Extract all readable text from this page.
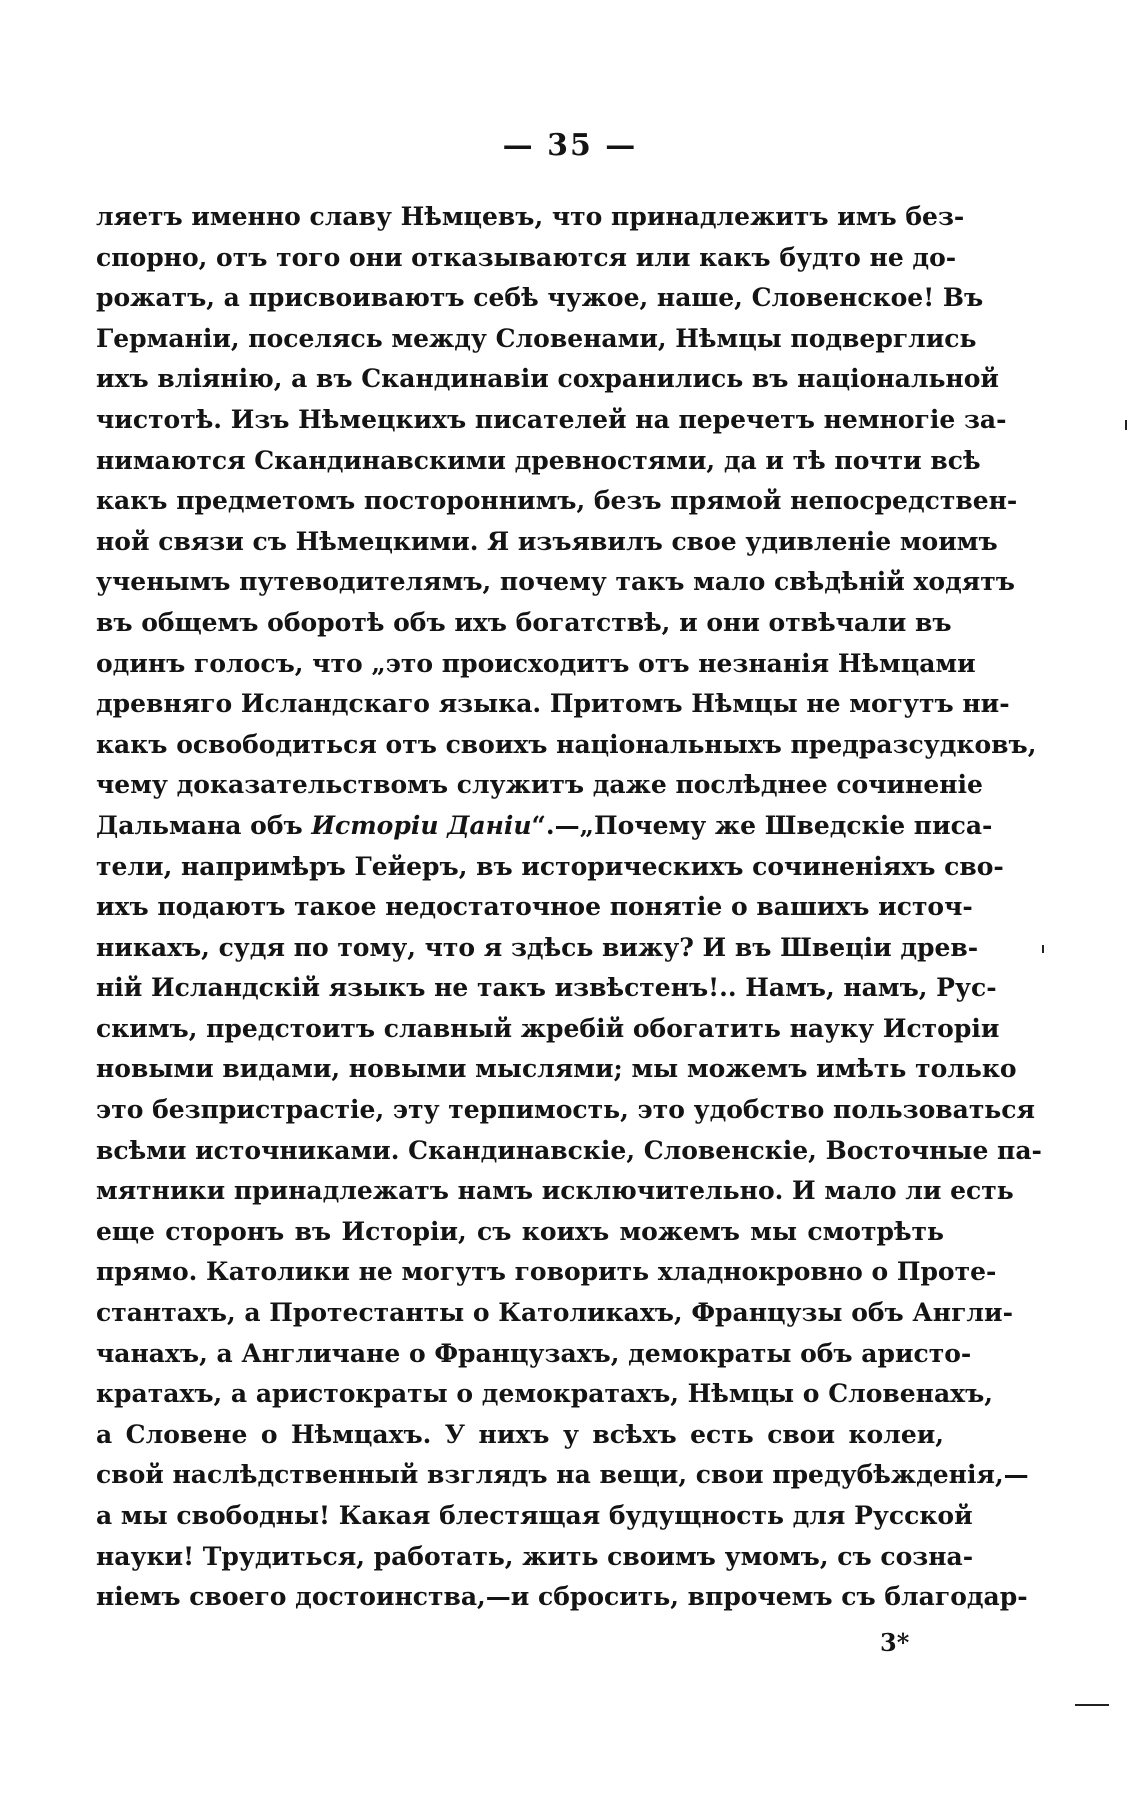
— 35 —
ляетъ именно славу Нѣмцевъ, что принадлежитъ имъ без-
спорно, отъ того они отказываются или какъ будто не до-
рожатъ, а присвоиваютъ себѣ чужое, наше, Словенское! Въ
Германіи, поселясь между Словенами, Нѣмцы подверглись
ихъ вліянію, а въ Скандинавіи сохранились въ національной
чистотѣ. Изъ Нѣмецкихъ писателей на перечетъ немногіе за-
нимаются Скандинавскими древностями, да и тѣ почти всѣ
какъ предметомъ постороннимъ, безъ прямой непосредствен-
ной связи съ Нѣмецкими. Я изъявилъ свое удивленіе моимъ
ученымъ путеводителямъ, почему такъ мало свѣдѣній ходятъ
въ общемъ оборотѣ объ ихъ богатствѣ, и они отвѣчали въ
одинъ голосъ, что „это происходитъ отъ незнанія Нѣмцами
древняго Исландскаго языка. Притомъ Нѣмцы не могутъ ни-
какъ освободиться отъ своихъ національныхъ предразсудковъ,
чему доказательствомъ служитъ даже послѣднее сочиненіе
Дальмана объ Исторіи Даніи“.—„Почему же Шведскіе писа-
тели, напримѣръ Гейеръ, въ историческихъ сочиненіяхъ сво-
ихъ подаютъ такое недостаточное понятіе о вашихъ источ-
никахъ, судя по тому, что я здѣсь вижу? И въ Швеціи древ-
ній Исландскій языкъ не такъ извѣстенъ!.. Намъ, намъ, Рус-
скимъ, предстоитъ славный жребій обогатить науку Исторіи
новыми видами, новыми мыслями; мы можемъ имѣть только
это безпристрастіе, эту терпимость, это удобство пользоваться
всѣми источниками. Скандинавскіе, Словенскіе, Восточные па-
мятники принадлежатъ намъ исключительно. И мало ли есть
еще сторонъ въ Исторіи, съ коихъ можемъ мы смотрѣть
прямо. Католики не могутъ говорить хладнокровно о Проте-
стантахъ, а Протестанты о Католикахъ, Французы объ Англи-
чанахъ, а Англичане о Французахъ, демократы объ аристо-
кратахъ, а аристократы о демократахъ, Нѣмцы о Словенахъ,
а Словене о Нѣмцахъ. У нихъ у всѣхъ есть свои колеи,
свой наслѣдственный взглядъ на вещи, свои предубѣжденія,—
а мы свободны! Какая блестящая будущность для Русской
науки! Трудиться, работать, жить своимъ умомъ, съ созна-
ніемъ своего достоинства,—и сбросить, впрочемъ съ благодар-
3*
